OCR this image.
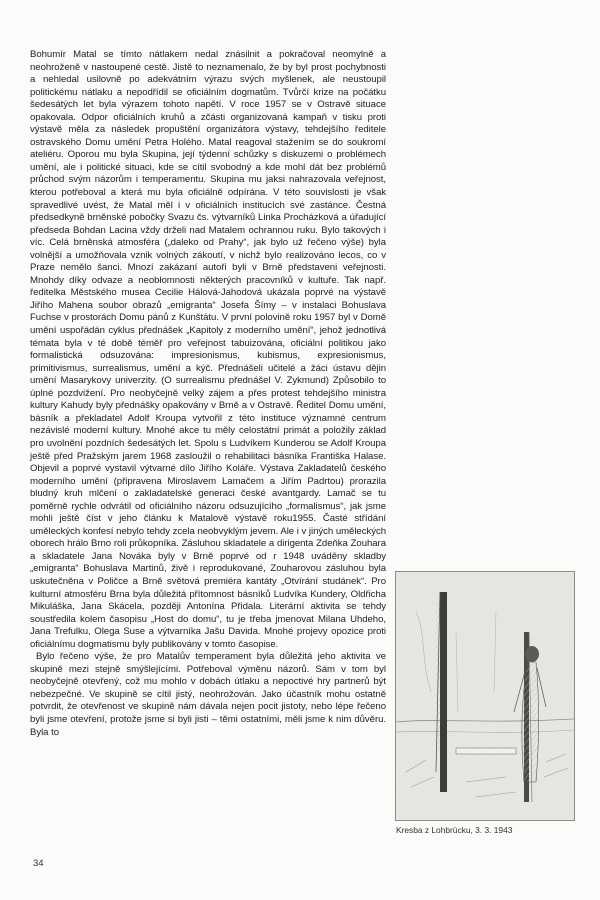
Bohumír Matal se tímto nátlakem nedal znásilnit a pokračoval neomylně a neohroženě v nastoupené cestě. Jistě to neznamenalo, že by byl prost pochybnosti a nehledal usilovně po adekvátním výrazu svých myšlenek, ale neustoupil politickému nátlaku a nepodřídil se oficiálním dogmatům. Tvůrčí krize na počátku šedesátých let byla výrazem tohoto napětí. V roce 1957 se v Ostravě situace opakovala. Odpor oficiálních kruhů a zčásti organizovaná kampaň v tisku proti výstavě měla za následek propuštění organizátora výstavy, tehdejšího ředitele ostravského Domu umění Petra Holého. Matal reagoval stažením se do soukromí ateliéru. Oporou mu byla Skupina, její týdenní schůzky s diskuzemi o problémech umění, ale i politické situaci, kde se cítil svobodný a kde mohl dát bez problémů průchod svým názorům i temperamentu. Skupina mu jaksi nahrazovala veřejnost, kterou potřeboval a která mu byla oficiálně odpírána. V této souvislosti je však spravedlivé uvést, že Matal měl i v oficiálních institucích své zastánce. Čestná předsedkyně brněnské pobočky Svazu čs. výtvarníků Linka Procházková a úřadující předseda Bohdan Lacina vždy drželi nad Matalem ochrannou ruku. Bylo takových i víc. Celá brněnská atmosféra („daleko od Prahy“, jak bylo už řečeno výše) byla volnější a umožňovala vznik volných zákoutí, v nichž bylo realizováno lecos, co v Praze nemělo šanci. Mnozí zakázaní autoři byli v Brně představeni veřejnosti. Mnohdy díky odvaze a neobłomnosti některých pracovníků v kultuře. Tak např. ředitelka Městského musea Cecilie Hálová-Jahodová ukázala poprvé na výstavě Jiřího Mahena soubor obrazů „emigranta“ Josefa Šímy – v instalaci Bohuslava Fuchse v prostorách Domu pánů z Kunštátu. V první polovině roku 1957 byl v Domě umění uspořádán cyklus přednášek „Kapitoly z moderního umění“, jehož jednotlivá témata byla v té době téměř pro veřejnost tabuizována, oficiální politikou jako formalistická odsuzována: impresionismus, kubismus, expresionismus, primitivismus, surrealismus, umění a kýč. Přednášeli učitelé a žáci ústavu dějin umění Masarykovy univerzity. (O surrealismu přednášel V. Zykmund) Způsobilo to úplné pozdvižení. Pro neobyčejně velký zájem a přes protest tehdejšího ministra kultury Kahudy byly přednášky opakovány v Brně a v Ostravě. Ředitel Domu umění, básník a překladatel Adolf Kroupa vytvořil z této instituce významné centrum nezávislé moderní kultury. Mnohé akce tu měly celostátní primát a položily základ pro uvolnění pozdních šedesátých let. Spolu s Ludvíkem Kunderou se Adolf Kroupa ještě před Pražským jarem 1968 zasloužil o rehabilitaci básníka Františka Halase. Objevil a poprvé vystavil výtvarné dílo Jiřího Koláře. Výstava Zakladatelů českého moderního umění (připravena Miroslavem Lamačem a Jiřím Padrtou) prorazila bludný kruh mlčení o zakladatelské generaci české avantgardy. Lamač se tu poměrně rychle odvrátil od oficiálního názoru odsuzujícího „formalismus“, jak jsme mohli ještě číst v jeho článku k Matalově výstavě roku1955. Časté střídání uměleckých konfesí nebylo tehdy zcela neobvyklým jevem. Ale i v jiných uměleckých oborech hrálo Brno roli průkopníka. Zásluhou skladatele a dirigenta Zdeňka Zouhara a skladatele Jana Nováka byly v Brně poprvé od r 1948 uváděny skladby „emigranta“ Bohuslava Martinů, živě i reprodukované, Zouharovou zásluhou byla uskutečněna v Poličce a Brně světová premiéra kantáty „Otvírání studánek“. Pro kulturní atmosféru Brna byla důležitá přítomnost básníků Ludvíka Kundery, Oldřicha Mikuláška, Jana Skácela, později Antonína Přidala. Literární aktivita se tehdy soustředila kolem časopisu „Host do domu“, tu je třeba jmenovat Milana Uhdeho, Jana Trefulku, Olega Suse a výtvarníka Jašu Davida. Mnohé projevy opozice proti oficiálnímu dogmatismu byly publikovány v tomto časopise.

Bylo řečeno výše, že pro Matalův temperament byla důležitá jeho aktivita ve skupině mezi stejně smýšlejícími. Potřeboval výměnu názorů. Sám v tom byl neobyčejně otevřený, což mu mohlo v dobách útlaku a nepoctivé hry partnerů být nebezpečné. Ve skupině se cítil jistý, neohrožován. Jako účastník mohu ostatně potvrdit, že otevřenost ve skupině nám dávala nejen pocit jistoty, nebo lépe řečeno byli jsme otevření, protože jsme si byli jisti – těmi ostatními, měli jsme k nim důvěru. Byla to

Kresba z Lohbrücku, 3. 3. 1943
34
